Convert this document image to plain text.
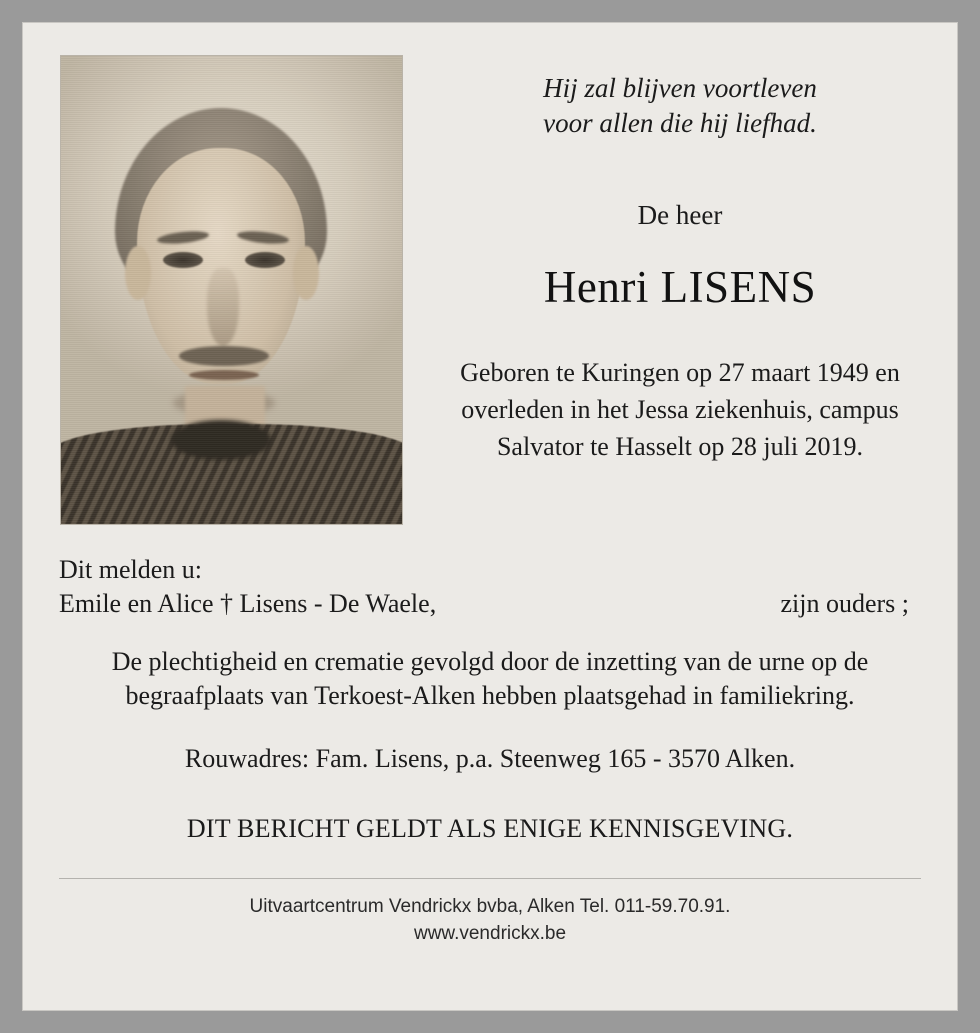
Hij zal blijven voortleven
voor allen die hij liefhad.
De heer
Henri LISENS
Geboren te Kuringen op 27 maart 1949 en overleden in het Jessa ziekenhuis, campus Salvator te Hasselt op 28 juli 2019.
Dit melden u:
Emile en Alice † Lisens - De Waele,	zijn ouders ;
De plechtigheid en crematie gevolgd door de inzetting van de urne op de begraafplaats van Terkoest-Alken hebben plaatsgehad in familiekring.
Rouwadres: Fam. Lisens, p.a. Steenweg 165 - 3570 Alken.
DIT BERICHT GELDT ALS ENIGE KENNISGEVING.
Uitvaartcentrum Vendrickx bvba, Alken Tel. 011-59.70.91.
www.vendrickx.be
